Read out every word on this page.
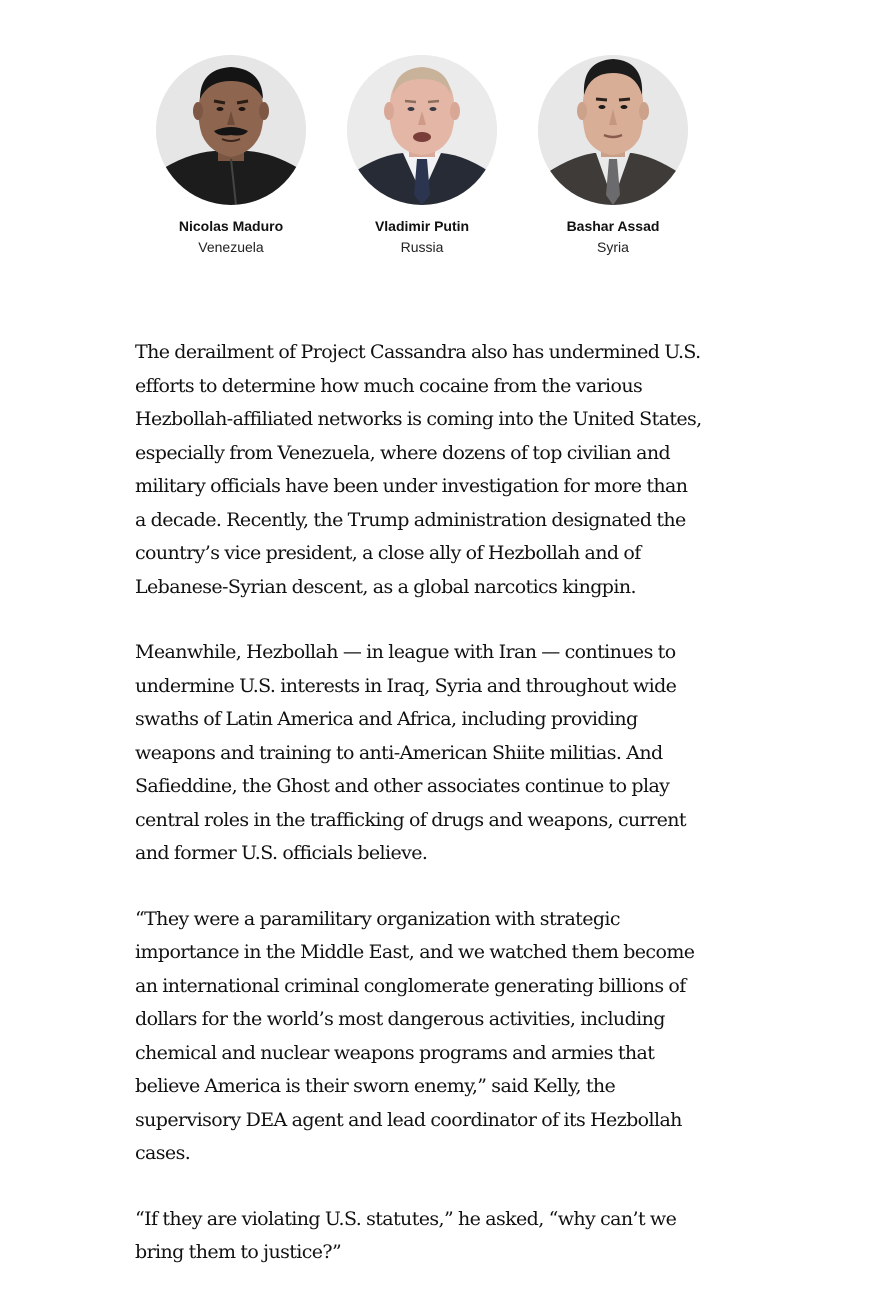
Nicolas Maduro
Venezuela
Vladimir Putin
Russia
Bashar Assad
Syria

The derailment of Project Cassandra also has undermined U.S.
efforts to determine how much cocaine from the various
Hezbollah-affiliated networks is coming into the United States,
especially from Venezuela, where dozens of top civilian and
military officials have been under investigation for more than
a decade. Recently, the Trump administration designated the
country’s vice president, a close ally of Hezbollah and of
Lebanese-Syrian descent, as a global narcotics kingpin.

Meanwhile, Hezbollah — in league with Iran — continues to
undermine U.S. interests in Iraq, Syria and throughout wide
swaths of Latin America and Africa, including providing
weapons and training to anti-American Shiite militias. And
Safieddine, the Ghost and other associates continue to play
central roles in the trafficking of drugs and weapons, current
and former U.S. officials believe.

“They were a paramilitary organization with strategic
importance in the Middle East, and we watched them become
an international criminal conglomerate generating billions of
dollars for the world’s most dangerous activities, including
chemical and nuclear weapons programs and armies that
believe America is their sworn enemy,” said Kelly, the
supervisory DEA agent and lead coordinator of its Hezbollah
cases.

“If they are violating U.S. statutes,” he asked, “why can’t we
bring them to justice?”
